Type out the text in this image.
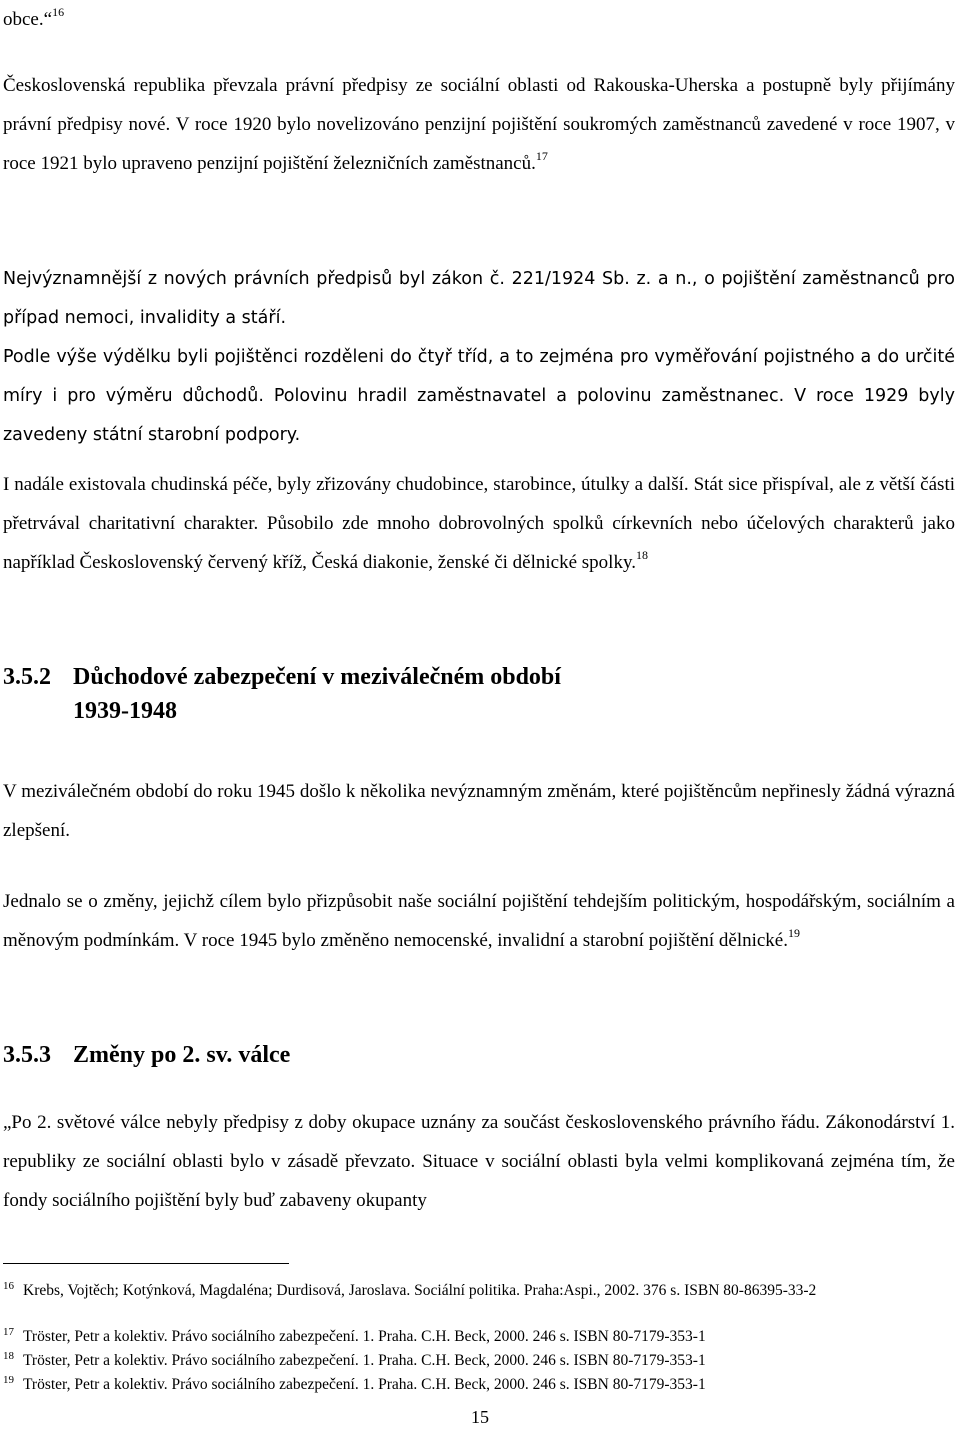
obce.“$^{16}$

Československá republika převzala právní předpisy ze sociální oblasti od Rakouska-Uherska a postupně byly přijímány právní předpisy nové. V roce 1920 bylo novelizováno penzijní pojištění soukromých zaměstnanců zavedené v roce 1907, v roce 1921 bylo upraveno penzijní pojištění železničních zaměstnanců.$^{17}$

Nejvýznamnější z nových právních předpisů byl zákon č. 221/1924 Sb. z. a n., o pojištění zaměstnanců pro případ nemoci, invalidity a stáří.

Podle výše výdělku byli pojištěnci rozděleni do čtyř tříd, a to zejména pro vyměřování pojistného a do určité míry i pro výměru důchodů. Polovinu hradil zaměstnavatel a polovinu zaměstnanec. V roce 1929 byly zavedeny státní starobní podpory.

I nadále existovala chudinská péče, byly zřizovány chudobince, starobince, útulky a další. Stát sice přispíval, ale z větší části přetrvával charitativní charakter. Působilo zde mnoho dobrovolných spolků církevních nebo účelových charakterů jako například Československý červený kříž, Česká diakonie, ženské či dělnické spolky.$^{18}$

3.5.2 Důchodové zabezpečení v meziválečném období
1939-1948

V meziválečném období do roku 1945 došlo k několika nevýznamným změnám, které pojištěncům nepřinesly žádná výrazná zlepšení.

Jednalo se o změny, jejichž cílem bylo přizpůsobit naše sociální pojištění tehdejším politickým, hospodářským, sociálním a měnovým podmínkám. V roce 1945 bylo změněno nemocenské, invalidní a starobní pojištění dělnické.$^{19}$

3.5.3 Změny po 2. sv. válce

„Po 2. světové válce nebyly předpisy z doby okupace uznány za součást československého právního řádu. Zákonodárství 1. republiky ze sociální oblasti bylo v zásadě převzato. Situace v sociální oblasti byla velmi komplikovaná zejména tím, že fondy sociálního pojištění byly buď zabaveny okupanty

16 Krebs, Vojtěch; Kotýnková, Magdaléna; Durdisová, Jaroslava. Sociální politika. Praha:Aspi., 2002. 376 s. ISBN 80-86395-33-2

17 Tröster, Petr a kolektiv. Právo sociálního zabezpečení. 1. Praha. C.H. Beck, 2000. 246 s. ISBN 80-7179-353-1

18 Tröster, Petr a kolektiv. Právo sociálního zabezpečení. 1. Praha. C.H. Beck, 2000. 246 s. ISBN 80-7179-353-1

19 Tröster, Petr a kolektiv. Právo sociálního zabezpečení. 1. Praha. C.H. Beck, 2000. 246 s. ISBN 80-7179-353-1

15
